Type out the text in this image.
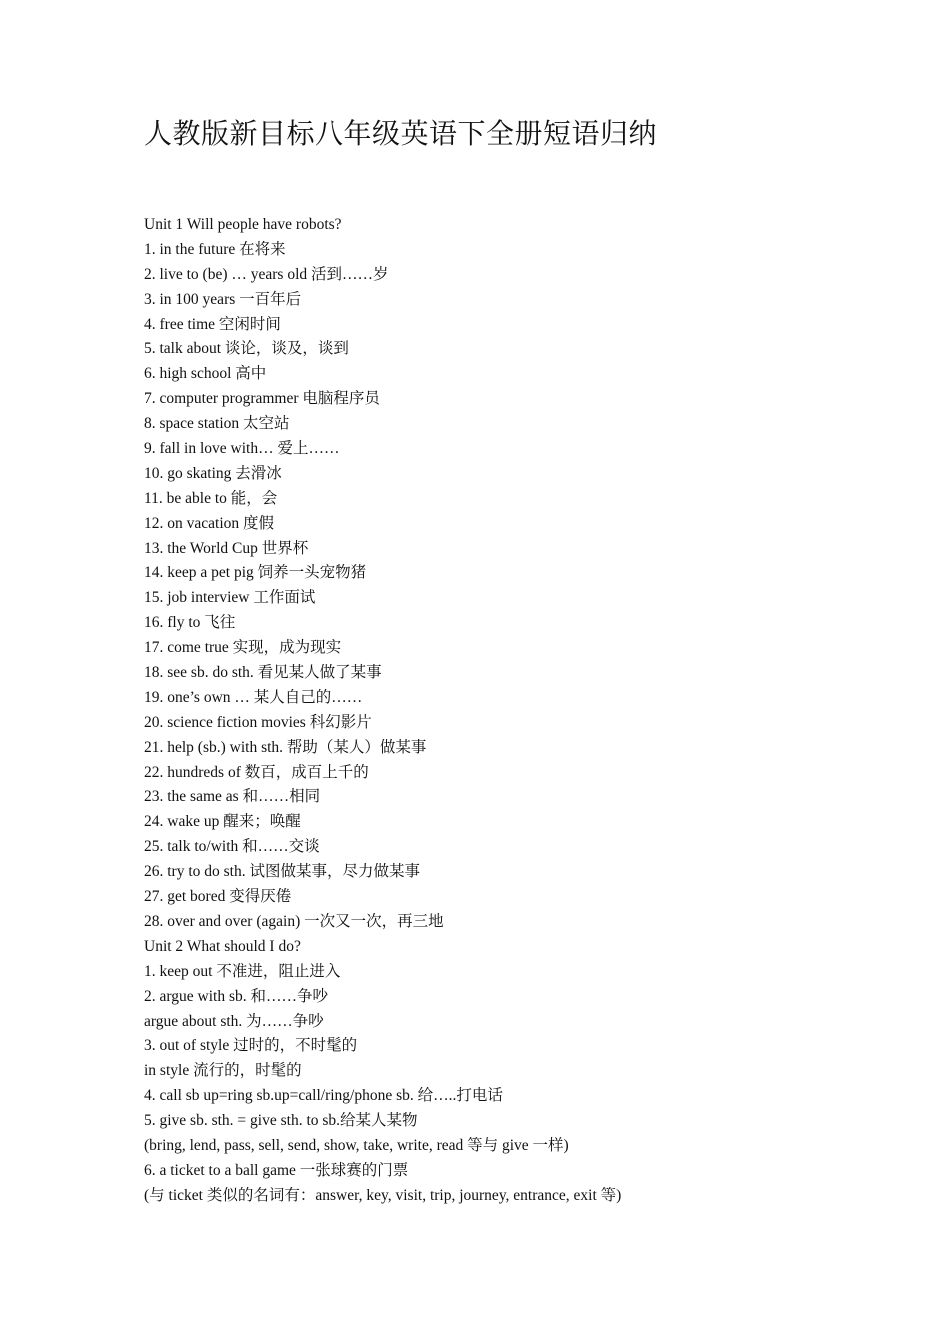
人教版新目标八年级英语下全册短语归纳
Unit 1 Will people have robots?
1. in the future 在将来
2. live to (be) … years old 活到……岁
3. in 100 years 一百年后
4. free time 空闲时间
5. talk about 谈论，谈及，谈到
6. high school 高中
7. computer programmer 电脑程序员
8. space station 太空站
9. fall in love with… 爱上……
10. go skating 去滑冰
11. be able to 能，会
12. on vacation 度假
13. the World Cup 世界杯
14. keep a pet pig 饲养一头宠物猪
15. job interview 工作面试
16. fly to 飞往
17. come true 实现，成为现实
18. see sb. do sth. 看见某人做了某事
19. one’s own … 某人自己的……
20. science fiction movies 科幻影片
21. help (sb.) with sth. 帮助（某人）做某事
22. hundreds of 数百，成百上千的
23. the same as 和……相同
24. wake up 醒来；唤醒
25. talk to/with 和……交谈
26. try to do sth. 试图做某事，尽力做某事
27. get bored 变得厌倦
28. over and over (again) 一次又一次，再三地
Unit 2 What should I do?
1. keep out 不准进，阻止进入
2. argue with sb. 和……争吵
argue about sth. 为……争吵
3. out of style 过时的，不时髦的
in style 流行的，时髦的
4. call sb up=ring sb.up=call/ring/phone sb. 给…..打电话
5. give sb. sth. = give sth. to sb.给某人某物
(bring, lend, pass, sell, send, show, take, write, read 等与 give 一样)
6. a ticket to a ball game 一张球赛的门票
(与 ticket 类似的名词有：answer, key, visit, trip, journey, entrance, exit 等)
